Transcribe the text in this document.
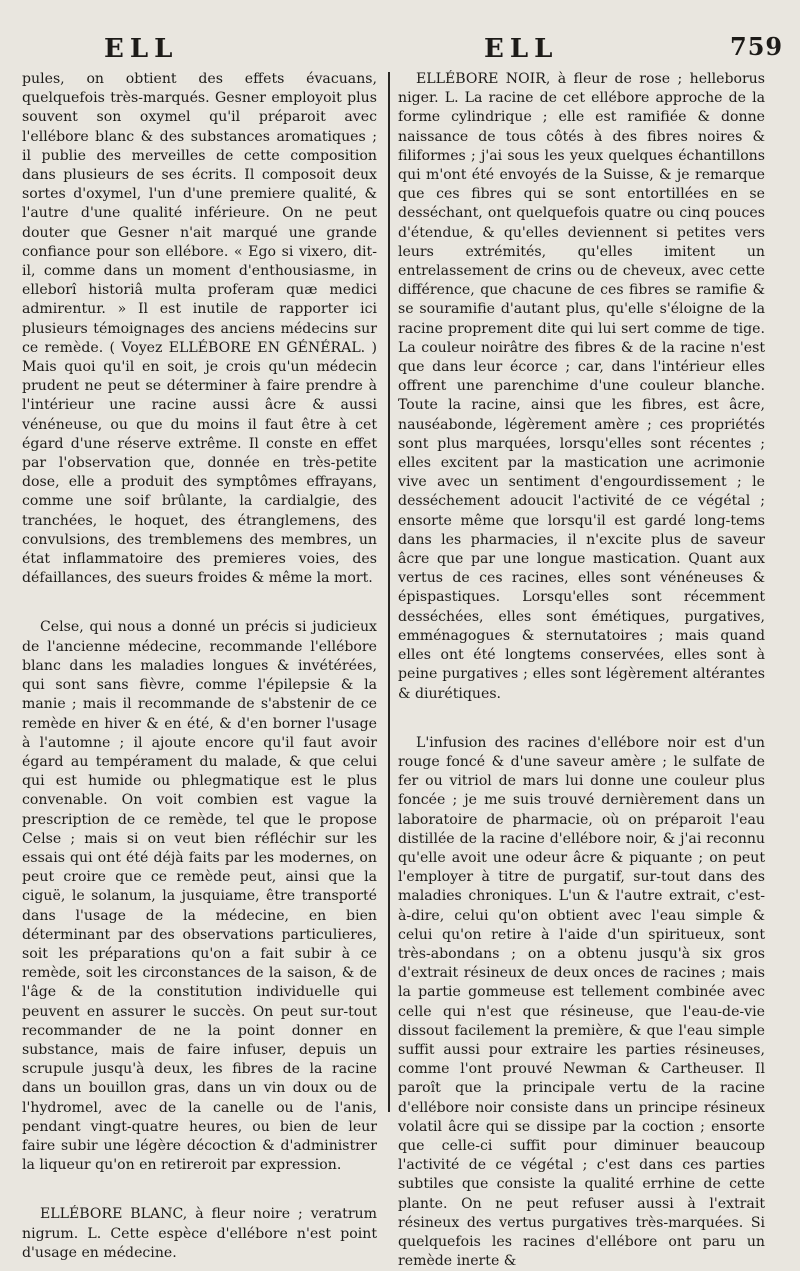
ELL	ELL	759

pules, on obtient des effets évacuans, quelquefois très-marqués. Gesner employoit plus souvent son oxymel qu'il préparoit avec l'ellébore blanc & des substances aromatiques ; il publie des merveilles de cette composition dans plusieurs de ses écrits. Il composoit deux sortes d'oxymel, l'un d'une premiere qualité, & l'autre d'une qualité inférieure. On ne peut douter que Gesner n'ait marqué une grande confiance pour son ellébore. « Ego si vixero, dit-il, comme dans un moment d'enthousiasme, in elleborî historiâ multa proferam quæ medici admirentur. » Il est inutile de rapporter ici plusieurs témoignages des anciens médecins sur ce remède. ( Voyez ELLÉBORE EN GÉNÉRAL. ) Mais quoi qu'il en soit, je crois qu'un médecin prudent ne peut se déterminer à faire prendre à l'intérieur une racine aussi âcre & aussi vénéneuse, ou que du moins il faut être à cet égard d'une réserve extrême. Il conste en effet par l'observation que, donnée en très-petite dose, elle a produit des symptômes effrayans, comme une soif brûlante, la cardialgie, des tranchées, le hoquet, des étranglemens, des convulsions, des tremblemens des membres, un état inflammatoire des premieres voies, des défaillances, des sueurs froides & même la mort.

Celse, qui nous a donné un précis si judicieux de l'ancienne médecine, recommande l'ellébore blanc dans les maladies longues & invétérées, qui sont sans fièvre, comme l'épilepsie & la manie ; mais il recommande de s'abstenir de ce remède en hiver & en été, & d'en borner l'usage à l'automne ; il ajoute encore qu'il faut avoir égard au tempérament du malade, & que celui qui est humide ou phlegmatique est le plus convenable. On voit combien est vague la prescription de ce remède, tel que le propose Celse ; mais si on veut bien réfléchir sur les essais qui ont été déjà faits par les modernes, on peut croire que ce remède peut, ainsi que la ciguë, le solanum, la jusquiame, être transporté dans l'usage de la médecine, en bien déterminant par des observations particulieres, soit les préparations qu'on a fait subir à ce remède, soit les circonstances de la saison, & de l'âge & de la constitution individuelle qui peuvent en assurer le succès. On peut sur-tout recommander de ne la point donner en substance, mais de faire infuser, depuis un scrupule jusqu'à deux, les fibres de la racine dans un bouillon gras, dans un vin doux ou de l'hydromel, avec de la canelle ou de l'anis, pendant vingt-quatre heures, ou bien de leur faire subir une légère décoction & d'administrer la liqueur qu'on en retireroit par expression.

ELLÉBORE BLANC, à fleur noire ; veratrum nigrum. L. Cette espèce d'ellébore n'est point d'usage en médecine.

ELLÉBORE NOIR, à fleur de rose ; helleborus niger. L. La racine de cet ellébore approche de la forme cylindrique ; elle est ramifiée & donne naissance de tous côtés à des fibres noires & filiformes ; j'ai sous les yeux quelques échantillons qui m'ont été envoyés de la Suisse, & je remarque que ces fibres qui se sont entortillées en se desséchant, ont quelquefois quatre ou cinq pouces d'étendue, & qu'elles deviennent si petites vers leurs extrémités, qu'elles imitent un entrelassement de crins ou de cheveux, avec cette différence, que chacune de ces fibres se ramifie & se souramifie d'autant plus, qu'elle s'éloigne de la racine proprement dite qui lui sert comme de tige. La couleur noirâtre des fibres & de la racine n'est que dans leur écorce ; car, dans l'intérieur elles offrent une parenchime d'une couleur blanche. Toute la racine, ainsi que les fibres, est âcre, nauséabonde, légèrement amère ; ces propriétés sont plus marquées, lorsqu'elles sont récentes ; elles excitent par la mastication une acrimonie vive avec un sentiment d'engourdissement ; le desséchement adoucit l'activité de ce végétal ; ensorte même que lorsqu'il est gardé long-tems dans les pharmacies, il n'excite plus de saveur âcre que par une longue mastication. Quant aux vertus de ces racines, elles sont vénéneuses & épispastiques. Lorsqu'elles sont récemment desséchées, elles sont émétiques, purgatives, emménagogues & sternutatoires ; mais quand elles ont été longtems conservées, elles sont à peine purgatives ; elles sont légèrement altérantes & diurétiques.

L'infusion des racines d'ellébore noir est d'un rouge foncé & d'une saveur amère ; le sulfate de fer ou vitriol de mars lui donne une couleur plus foncée ; je me suis trouvé dernièrement dans un laboratoire de pharmacie, où on préparoit l'eau distillée de la racine d'ellébore noir, & j'ai reconnu qu'elle avoit une odeur âcre & piquante ; on peut l'employer à titre de purgatif, sur-tout dans des maladies chroniques. L'un & l'autre extrait, c'est-à-dire, celui qu'on obtient avec l'eau simple & celui qu'on retire à l'aide d'un spiritueux, sont très-abondans ; on a obtenu jusqu'à six gros d'extrait résineux de deux onces de racines ; mais la partie gommeuse est tellement combinée avec celle qui n'est que résineuse, que l'eau-de-vie dissout facilement la première, & que l'eau simple suffit aussi pour extraire les parties résineuses, comme l'ont prouvé Newman & Cartheuser. Il paroît que la principale vertu de la racine d'ellébore noir consiste dans un principe résineux volatil âcre qui se dissipe par la coction ; ensorte que celle-ci suffit pour diminuer beaucoup l'activité de ce végétal ; c'est dans ces parties subtiles que consiste la qualité errhine de cette plante. On ne peut refuser aussi à l'extrait résineux des vertus purgatives très-marquées. Si quelquefois les racines d'ellébore ont paru un remède inerte &
